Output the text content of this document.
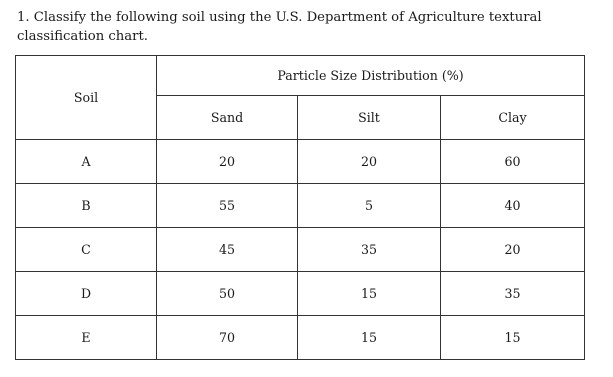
1. Classify the following soil using the U.S. Department of Agriculture textural classification chart.
Soil	Particle Size Distribution (%)		
	Sand	Silt	Clay
A	20	20	60
B	55	5	40
C	45	35	20
D	50	15	35
E	70	15	15
